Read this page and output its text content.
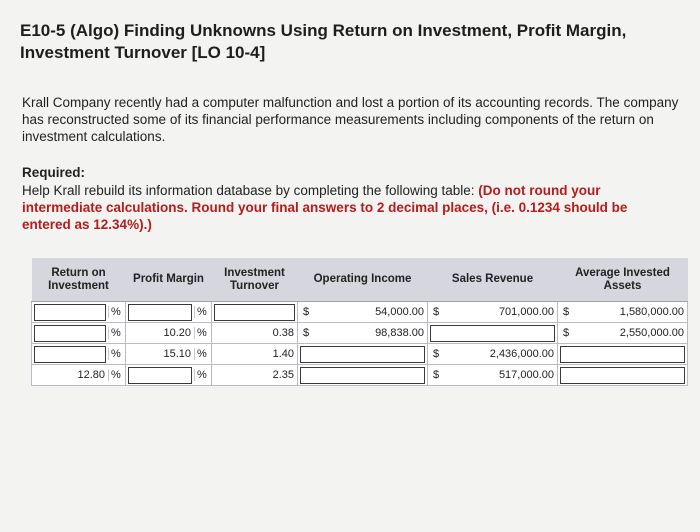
E10-5 (Algo) Finding Unknowns Using Return on Investment, Profit Margin, Investment Turnover [LO 10-4]
Krall Company recently had a computer malfunction and lost a portion of its accounting records. The company has reconstructed some of its financial performance measurements including components of the return on investment calculations.
Required:
Help Krall rebuild its information database by completing the following table: (Do not round your intermediate calculations. Round your final answers to 2 decimal places, (i.e. 0.1234 should be entered as 12.34%).)
Return on Investment	Profit Margin	Investment Turnover	Operating Income	Sales Revenue	Average Invested Assets

%	%		$ 54,000.00	$ 701,000.00	$ 1,580,000.00

%	10.20 %	0.38	$ 98,838.00		$ 2,550,000.00

%	15.10 %	1.40		$ 2,436,000.00	

12.80 %	%	2.35		$ 517,000.00	
